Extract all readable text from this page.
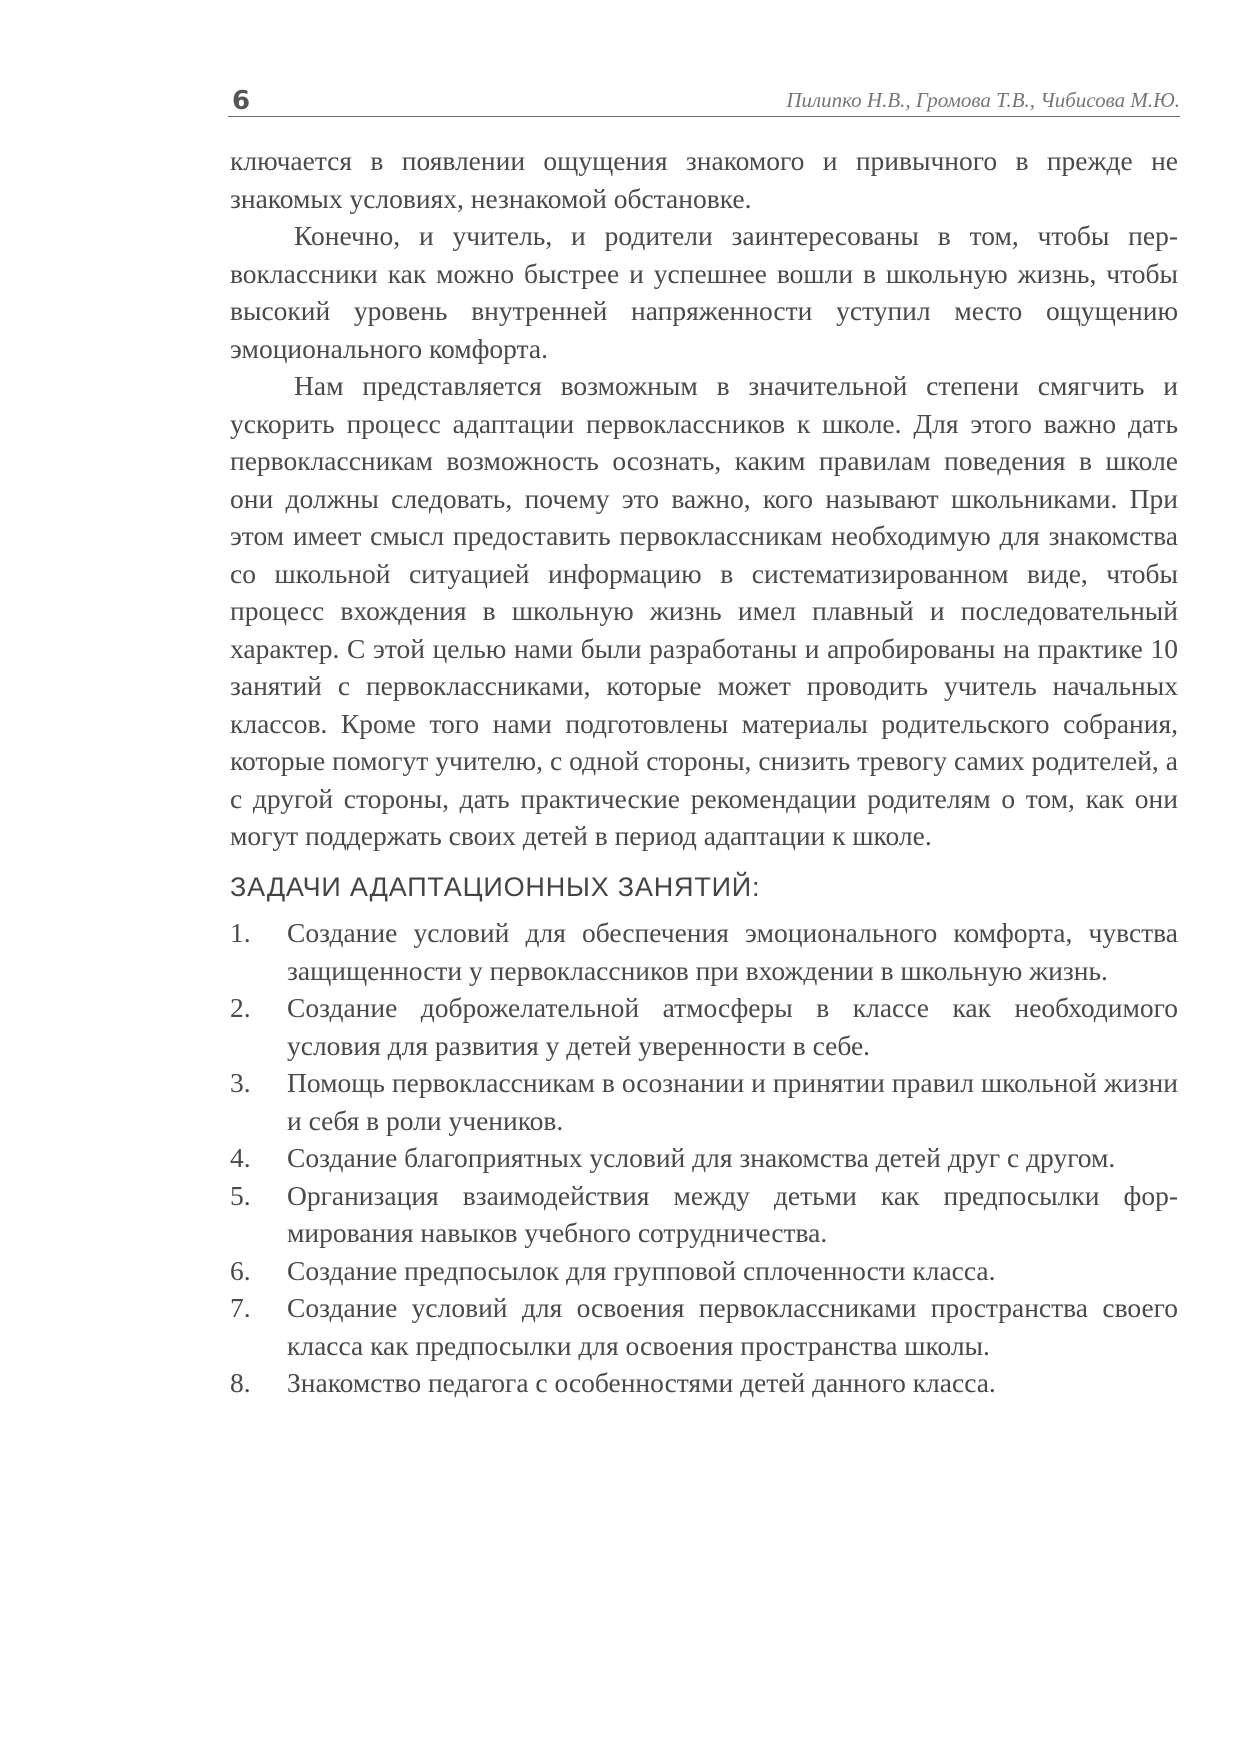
6	Пилипко Н.В., Громова Т.В., Чибисова М.Ю.

ключается в появлении ощущения знакомого и привычного в прежде не знакомых условиях, незнакомой обстановке.

Конечно, и учитель, и родители заинтересованы в том, чтобы первоклассники как можно быстрее и успешнее вошли в школьную жизнь, чтобы высокий уровень внутренней напряженности уступил место ощущению эмоционального комфорта.

Нам представляется возможным в значительной степени смягчить и ускорить процесс адаптации первоклассников к школе. Для этого важно дать первоклассникам возможность осознать, каким правилам поведения в школе они должны следовать, почему это важно, кого называют школьниками. При этом имеет смысл предоставить первоклассникам необходимую для знакомства со школьной ситуацией информацию в систематизированном виде, чтобы процесс вхождения в школьную жизнь имел плавный и последовательный характер. С этой целью нами были разработаны и апробированы на практике 10 занятий с первоклассниками, которые может проводить учитель начальных классов. Кроме того нами подготовлены материалы родительского собрания, которые помогут учителю, с одной стороны, снизить тревогу самих родителей, а с другой стороны, дать практические рекомендации родителям о том, как они могут поддержать своих детей в период адаптации к школе.

ЗАДАЧИ АДАПТАЦИОННЫХ ЗАНЯТИЙ:
1.	Создание условий для обеспечения эмоционального комфорта, чувства защищенности у первоклассников при вхождении в школьную жизнь.
2.	Создание доброжелательной атмосферы в классе как необходимого условия для развития у детей уверенности в себе.
3.	Помощь первоклассникам в осознании и принятии правил школьной жизни и себя в роли учеников.
4.	Создание благоприятных условий для знакомства детей друг с другом.
5.	Организация взаимодействия между детьми как предпосылки формирования навыков учебного сотрудничества.
6.	Создание предпосылок для групповой сплоченности класса.
7.	Создание условий для освоения первоклассниками пространства своего класса как предпосылки для освоения пространства школы.
8.	Знакомство педагога с особенностями детей данного класса.
